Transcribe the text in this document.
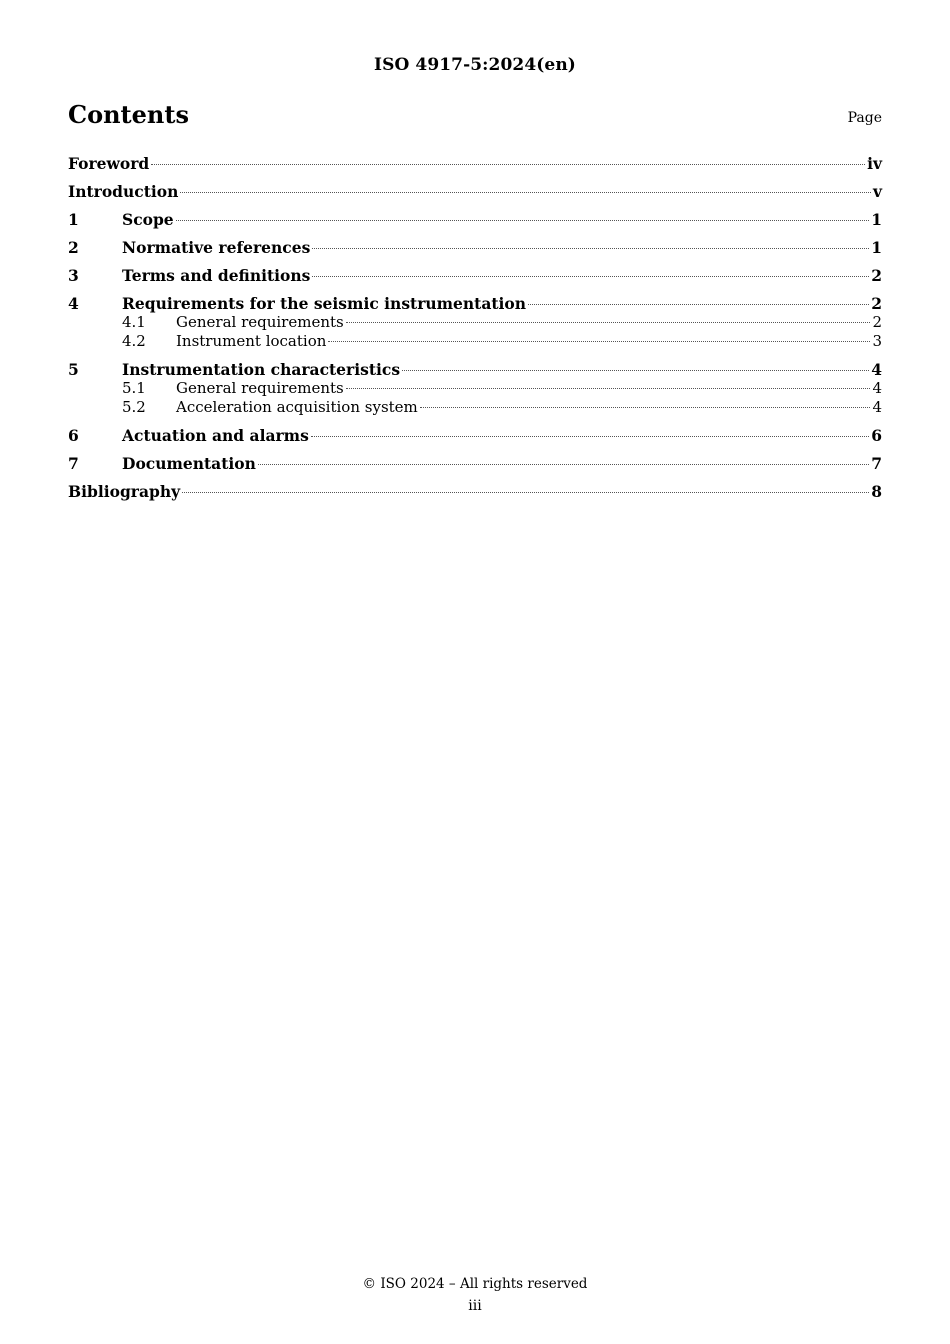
ISO 4917-5:2024(en)
Contents	Page
Foreword	iv
Introduction	v
1	Scope	1
2	Normative references	1
3	Terms and definitions	2
4	Requirements for the seismic instrumentation	2
4.1	General requirements	2
4.2	Instrument location	3
5	Instrumentation characteristics	4
5.1	General requirements	4
5.2	Acceleration acquisition system	4
6	Actuation and alarms	6
7	Documentation	7
Bibliography	8
© ISO 2024 – All rights reserved
iii
